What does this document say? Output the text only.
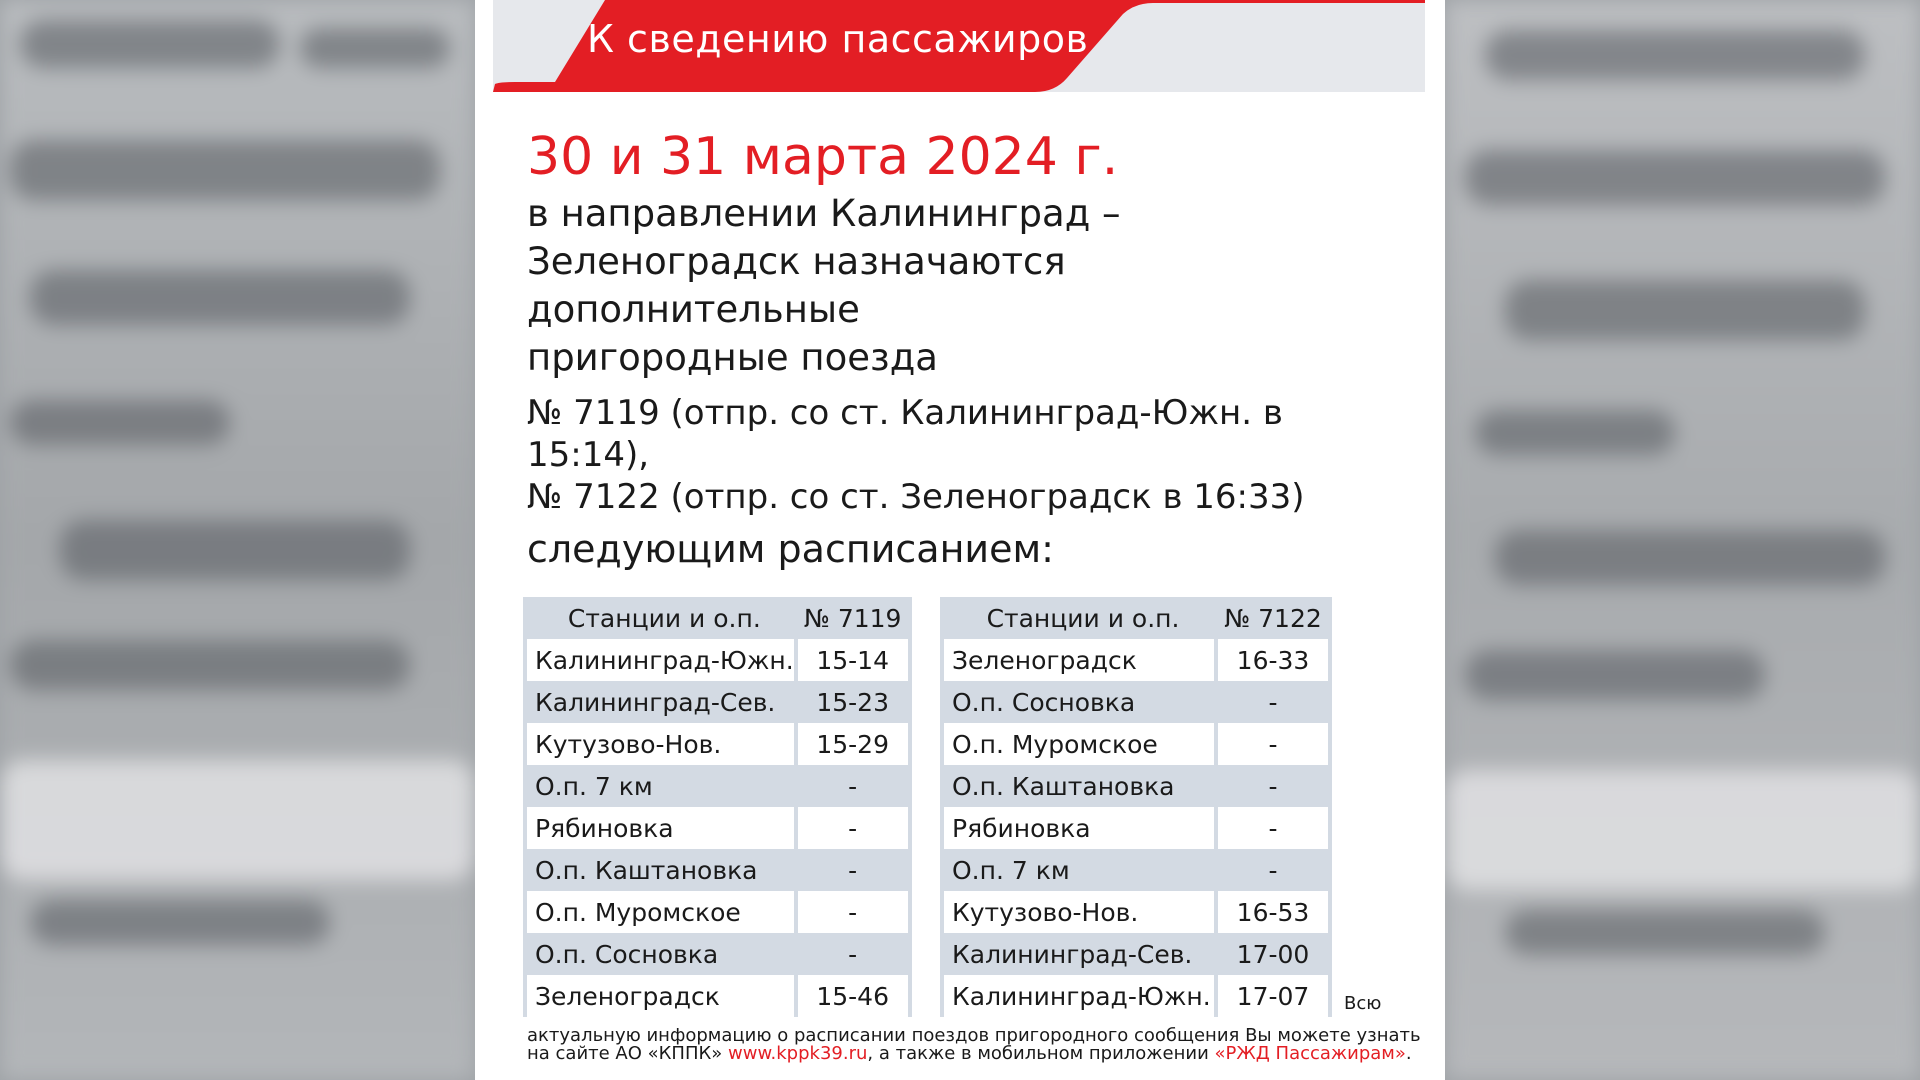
К сведению пассажиров
30 и 31 марта 2024 г.

в направлении Калининград –
Зеленоградск назначаются
дополнительные
пригородные поезда

№ 7119 (отпр. со ст. Калининград-Южн. в
15:14),
№ 7122 (отпр. со ст. Зеленоградск в 16:33)

следующим расписанием:
Станции и о.п.	№ 7119
Калининград-Южн.	15-14
Калининград-Сев.	15-23
Кутузово-Нов.	15-29
О.п. 7 км	-
Рябиновка	-
О.п. Каштановка	-
О.п. Муромское	-
О.п. Сосновка	-
Зеленоградск	15-46
Станции и о.п.	№ 7122
Зеленоградск	16-33
О.п. Сосновка	-
О.п. Муромское	-
О.п. Каштановка	-
Рябиновка	-
О.п. 7 км	-
Кутузово-Нов.	16-53
Калининград-Сев.	17-00
Калининград-Южн.	17-07 Всю
актуальную информацию о расписании поездов пригородного сообщения Вы можете узнать
на сайте АО «КППК» www.kppk39.ru, а также в мобильном приложении «РЖД Пассажирам».
